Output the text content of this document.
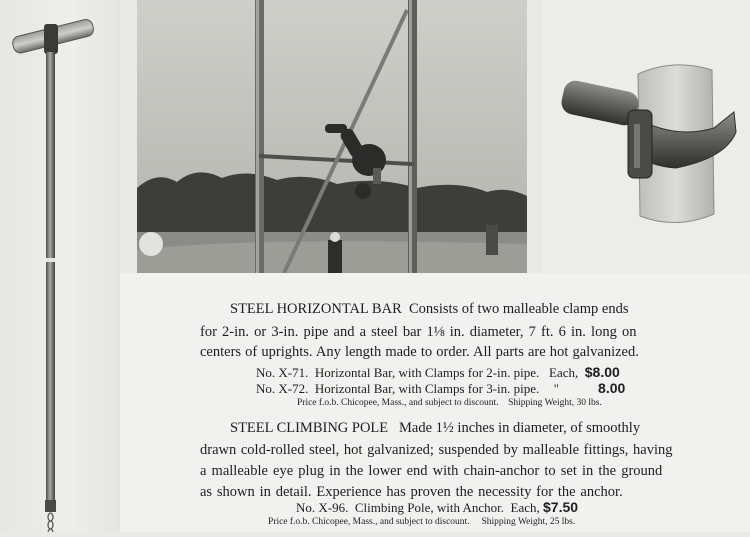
STEEL HORIZONTAL BAR Consists of two malleable clamp ends
for 2-in. or 3-in. pipe and a steel bar 1⅛ in. diameter, 7 ft. 6 in. long on
centers of uprights. Any length made to order. All parts are hot galvanized.
No. X-71. Horizontal Bar, with Clamps for 2-in. pipe. Each, $8.00
No. X-72. Horizontal Bar, with Clamps for 3-in. pipe. "	8.00
Price f.o.b. Chicopee, Mass., and subject to discount. Shipping Weight, 30 lbs.
STEEL CLIMBING POLE Made 1½ inches in diameter, of smoothly
drawn cold-rolled steel, hot galvanized; suspended by malleable fittings, having
a malleable eye plug in the lower end with chain-anchor to set in the ground
as shown in detail. Experience has proven the necessity for the anchor.
No. X-96. Climbing Pole, with Anchor. Each, $7.50
Price f.o.b. Chicopee, Mass., and subject to discount. Shipping Weight, 25 lbs.
